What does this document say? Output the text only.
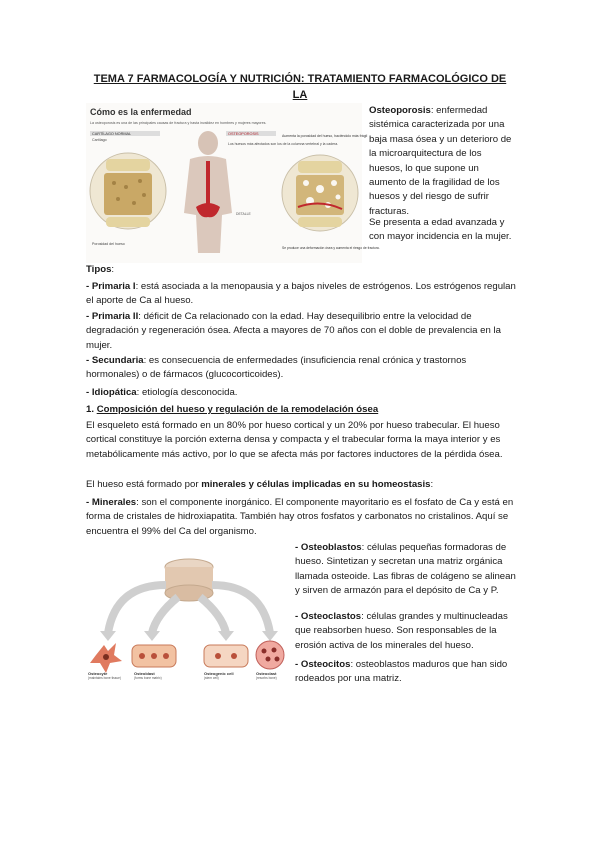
TEMA 7 FARMACOLOGÍA Y NUTRICIÓN: TRATAMIENTO FARMACOLÓGICO DE LA
Cómo es la enfermedad
La osteoporosis es una de las principales causas de fractura y hasta invalidez en hombres y mujeres mayores.
CARTÍLAGO NORMAL
Cartílago
Porosidad del hueso
OSTEOPOROSIS
Los huesos más afectados son los de la columna vertebral y la cadera.
DETALLE
Aumenta la porosidad del hueso, haciéndolo más frágil
Se produce una deformación ósea y aumenta el riesgo de fractura.

Osteoporosis: enfermedad sistémica caracterizada por una baja masa ósea y un deterioro de la microarquitectura de los huesos, lo que supone un aumento de la fragilidad de los huesos y del riesgo de sufrir fracturas.

Se presenta a edad avanzada y con mayor incidencia en la mujer.

Tipos:

- Primaria I: está asociada a la menopausia y a bajos niveles de estrógenos. Los estrógenos regulan el aporte de Ca al hueso.

- Primaria II: déficit de Ca relacionado con la edad. Hay desequilibrio entre la velocidad de degradación y regeneración ósea. Afecta a mayores de 70 años con el doble de prevalencia en la mujer.

- Secundaria: es consecuencia de enfermedades (insuficiencia renal crónica y trastornos hormonales) o de fármacos (glucocorticoides).

- Idiopática: etiología desconocida.

1. Composición del hueso y regulación de la remodelación ósea

El esqueleto está formado en un 80% por hueso cortical y un 20% por hueso trabecular. El hueso cortical constituye la porción externa densa y compacta y el trabecular forma la maya interior y es metabólicamente más activo, por lo que se afecta más por factores inductores de la pérdida ósea.

El hueso está formado por minerales y células implicadas en su homeostasis:

- Minerales: son el componente inorgánico. El componente mayoritario es el fosfato de Ca y está en forma de cristales de hidroxiapatita. También hay otros fosfatos y carbonatos no cristalinos. Aquí se encuentra el 99% del Ca del organismo.

Osteocyte
(maintains bone tissue)
Osteoblast
(forms bone matrix)
Osteogenic cell
(stem cell)
Osteoclast
(resorbs bone)

- Osteoblastos: células pequeñas formadoras de hueso. Sintetizan y secretan una matriz orgánica llamada osteoide. Las fibras de colágeno se alinean y sirven de armazón para el depósito de Ca y P.

- Osteoclastos: células grandes y multinucleadas que reabsorben hueso. Son responsables de la erosión activa de los minerales del hueso.

- Osteocitos: osteoblastos maduros que han sido rodeados por una matriz.
